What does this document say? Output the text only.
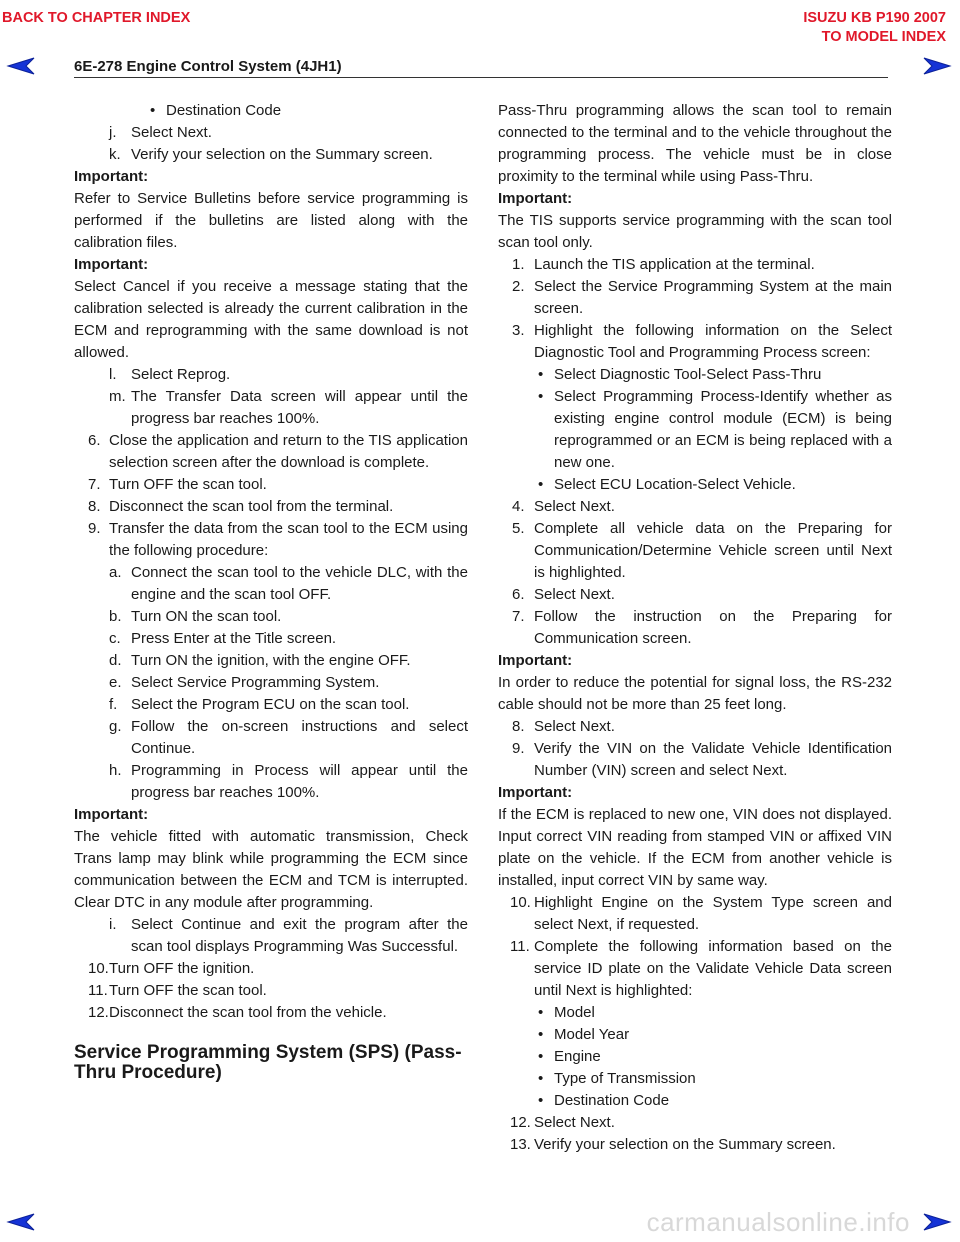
BACK TO CHAPTER INDEX	ISUZU KB P190 2007
TO MODEL INDEX
6E-278 Engine Control System (4JH1)
• Destination Code
j. Select Next.
k. Verify your selection on the Summary screen.
Important:
Refer to Service Bulletins before service programming is performed if the bulletins are listed along with the calibration files.
Important:
Select Cancel if you receive a message stating that the calibration selected is already the current calibration in the ECM and reprogramming with the same download is not allowed.
l. Select Reprog.
m. The Transfer Data screen will appear until the progress bar reaches 100%.
6. Close the application and return to the TIS application selection screen after the download is complete.
7. Turn OFF the scan tool.
8. Disconnect the scan tool from the terminal.
9. Transfer the data from the scan tool to the ECM using the following procedure:
a. Connect the scan tool to the vehicle DLC, with the engine and the scan tool OFF.
b. Turn ON the scan tool.
c. Press Enter at the Title screen.
d. Turn ON the ignition, with the engine OFF.
e. Select Service Programming System.
f. Select the Program ECU on the scan tool.
g. Follow the on-screen instructions and select Continue.
h. Programming in Process will appear until the progress bar reaches 100%.
Important:
The vehicle fitted with automatic transmission, Check Trans lamp may blink while programming the ECM since communication between the ECM and TCM is interrupted. Clear DTC in any module after programming.
i. Select Continue and exit the program after the scan tool displays Programming Was Successful.
10. Turn OFF the ignition.
11. Turn OFF the scan tool.
12. Disconnect the scan tool from the vehicle.
Service Programming System (SPS) (Pass-Thru Procedure)
Pass-Thru programming allows the scan tool to remain connected to the terminal and to the vehicle throughout the programming process. The vehicle must be in close proximity to the terminal while using Pass-Thru.
Important:
The TIS supports service programming with the scan tool scan tool only.
1. Launch the TIS application at the terminal.
2. Select the Service Programming System at the main screen.
3. Highlight the following information on the Select Diagnostic Tool and Programming Process screen:
• Select Diagnostic Tool-Select Pass-Thru
• Select Programming Process-Identify whether as existing engine control module (ECM) is being reprogrammed or an ECM is being replaced with a new one.
• Select ECU Location-Select Vehicle.
4. Select Next.
5. Complete all vehicle data on the Preparing for Communication/Determine Vehicle screen until Next is highlighted.
6. Select Next.
7. Follow the instruction on the Preparing for Communication screen.
Important:
In order to reduce the potential for signal loss, the RS-232 cable should not be more than 25 feet long.
8. Select Next.
9. Verify the VIN on the Validate Vehicle Identification Number (VIN) screen and select Next.
Important:
If the ECM is replaced to new one, VIN does not displayed. Input correct VIN reading from stamped VIN or affixed VIN plate on the vehicle. If the ECM from another vehicle is installed, input correct VIN by same way.
10. Highlight Engine on the System Type screen and select Next, if requested.
11. Complete the following information based on the service ID plate on the Validate Vehicle Data screen until Next is highlighted:
• Model
• Model Year
• Engine
• Type of Transmission
• Destination Code
12. Select Next.
13. Verify your selection on the Summary screen.
carmanualsonline.info
